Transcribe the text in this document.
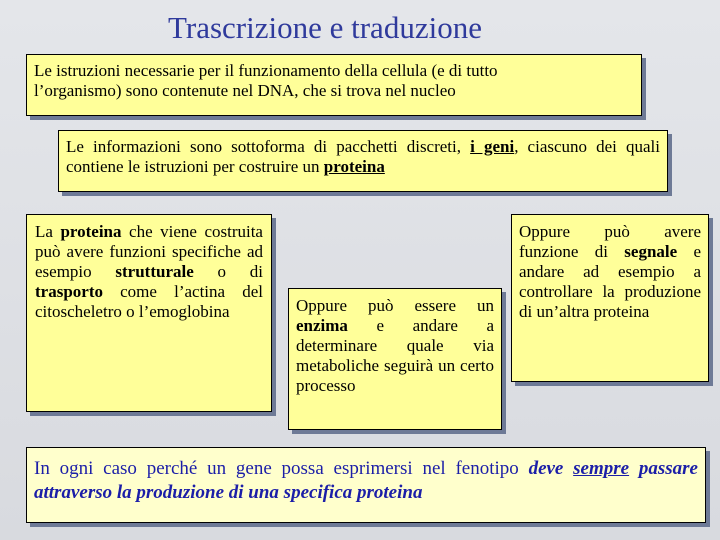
Trascrizione e traduzione
Le istruzioni necessarie per il funzionamento della cellula (e di tutto
l’organismo) sono contenute nel DNA, che si trova nel nucleo
Le informazioni sono sottoforma di pacchetti discreti, i geni, ciascuno dei quali contiene le istruzioni per costruire un proteina
La proteina che viene costruita può avere funzioni specifiche ad esempio strutturale o di trasporto come l’actina del citoscheletro o l’emoglobina	Oppure può essere un enzima e andare a determinare quale via metaboliche seguirà un certo processo
Oppure può avere funzione di segnale e andare ad esempio a controllare la produzione di un’altra proteina
In ogni caso perché un gene possa esprimersi nel fenotipo deve sempre passare attraverso la produzione di una specifica proteina
